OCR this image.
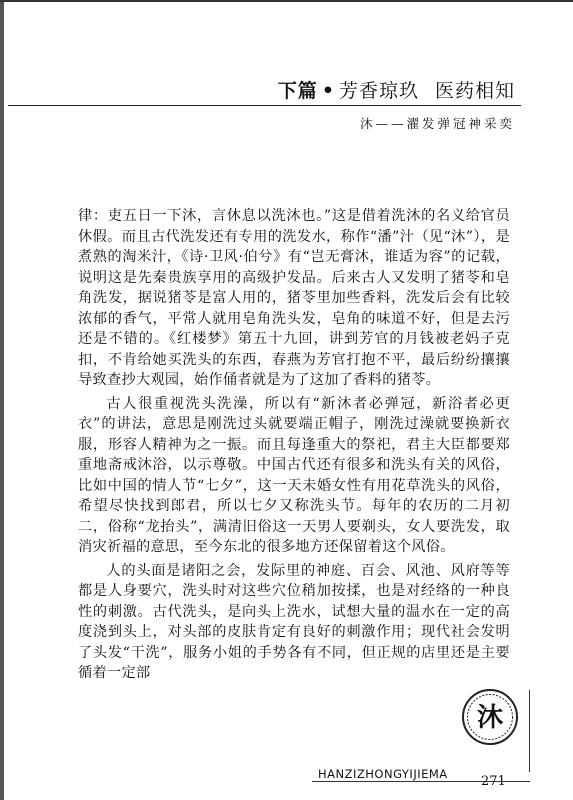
下篇 • 芳香琼玖 医药相知
沐——濯发弹冠神采奕

律：吏五日一下沐，言休息以洗沐也。”这是借着洗沐的名义给官员休假。而且古代洗发还有专用的洗发水，称作“潘”汁（见“沐”），是煮熟的淘米汁，《诗·卫风·伯兮》有“岂无膏沐，谁适为容”的记载，说明这是先秦贵族享用的高级护发品。后来古人又发明了猪苓和皂角洗发，据说猪苓是富人用的，猪苓里加些香料，洗发后会有比较浓郁的香气，平常人就用皂角洗头发，皂角的味道不好，但是去污还是不错的。《红楼梦》第五十九回，讲到芳官的月钱被老妈子克扣，不肯给她买洗头的东西，春燕为芳官打抱不平，最后纷纷攘攘导致查抄大观园，始作俑者就是为了这加了香料的猪苓。

古人很重视洗头洗澡，所以有“新沐者必弹冠，新浴者必更衣”的讲法，意思是刚洗过头就要端正帽子，刚洗过澡就要换新衣服，形容人精神为之一振。而且每逢重大的祭祀，君主大臣都要郑重地斋戒沐浴，以示尊敬。中国古代还有很多和洗头有关的风俗，比如中国的情人节“七夕”，这一天未婚女性有用花草洗头的风俗，希望尽快找到郎君，所以七夕又称洗头节。每年的农历的二月初二，俗称“龙抬头”，满清旧俗这一天男人要剃头，女人要洗发，取消灾祈福的意思，至今东北的很多地方还保留着这个风俗。

人的头面是诸阳之会，发际里的神庭、百会、风池、风府等等都是人身要穴，洗头时对这些穴位稍加按揉，也是对经络的一种良性的刺激。古代洗头，是向头上洗水，试想大量的温水在一定的高度浇到头上，对头部的皮肤肯定有良好的刺激作用；现代社会发明了头发“干洗”，服务小姐的手势各有不同，但正规的店里还是主要循着一定部

沐
HANZIZHONGYIJIEMA	271
